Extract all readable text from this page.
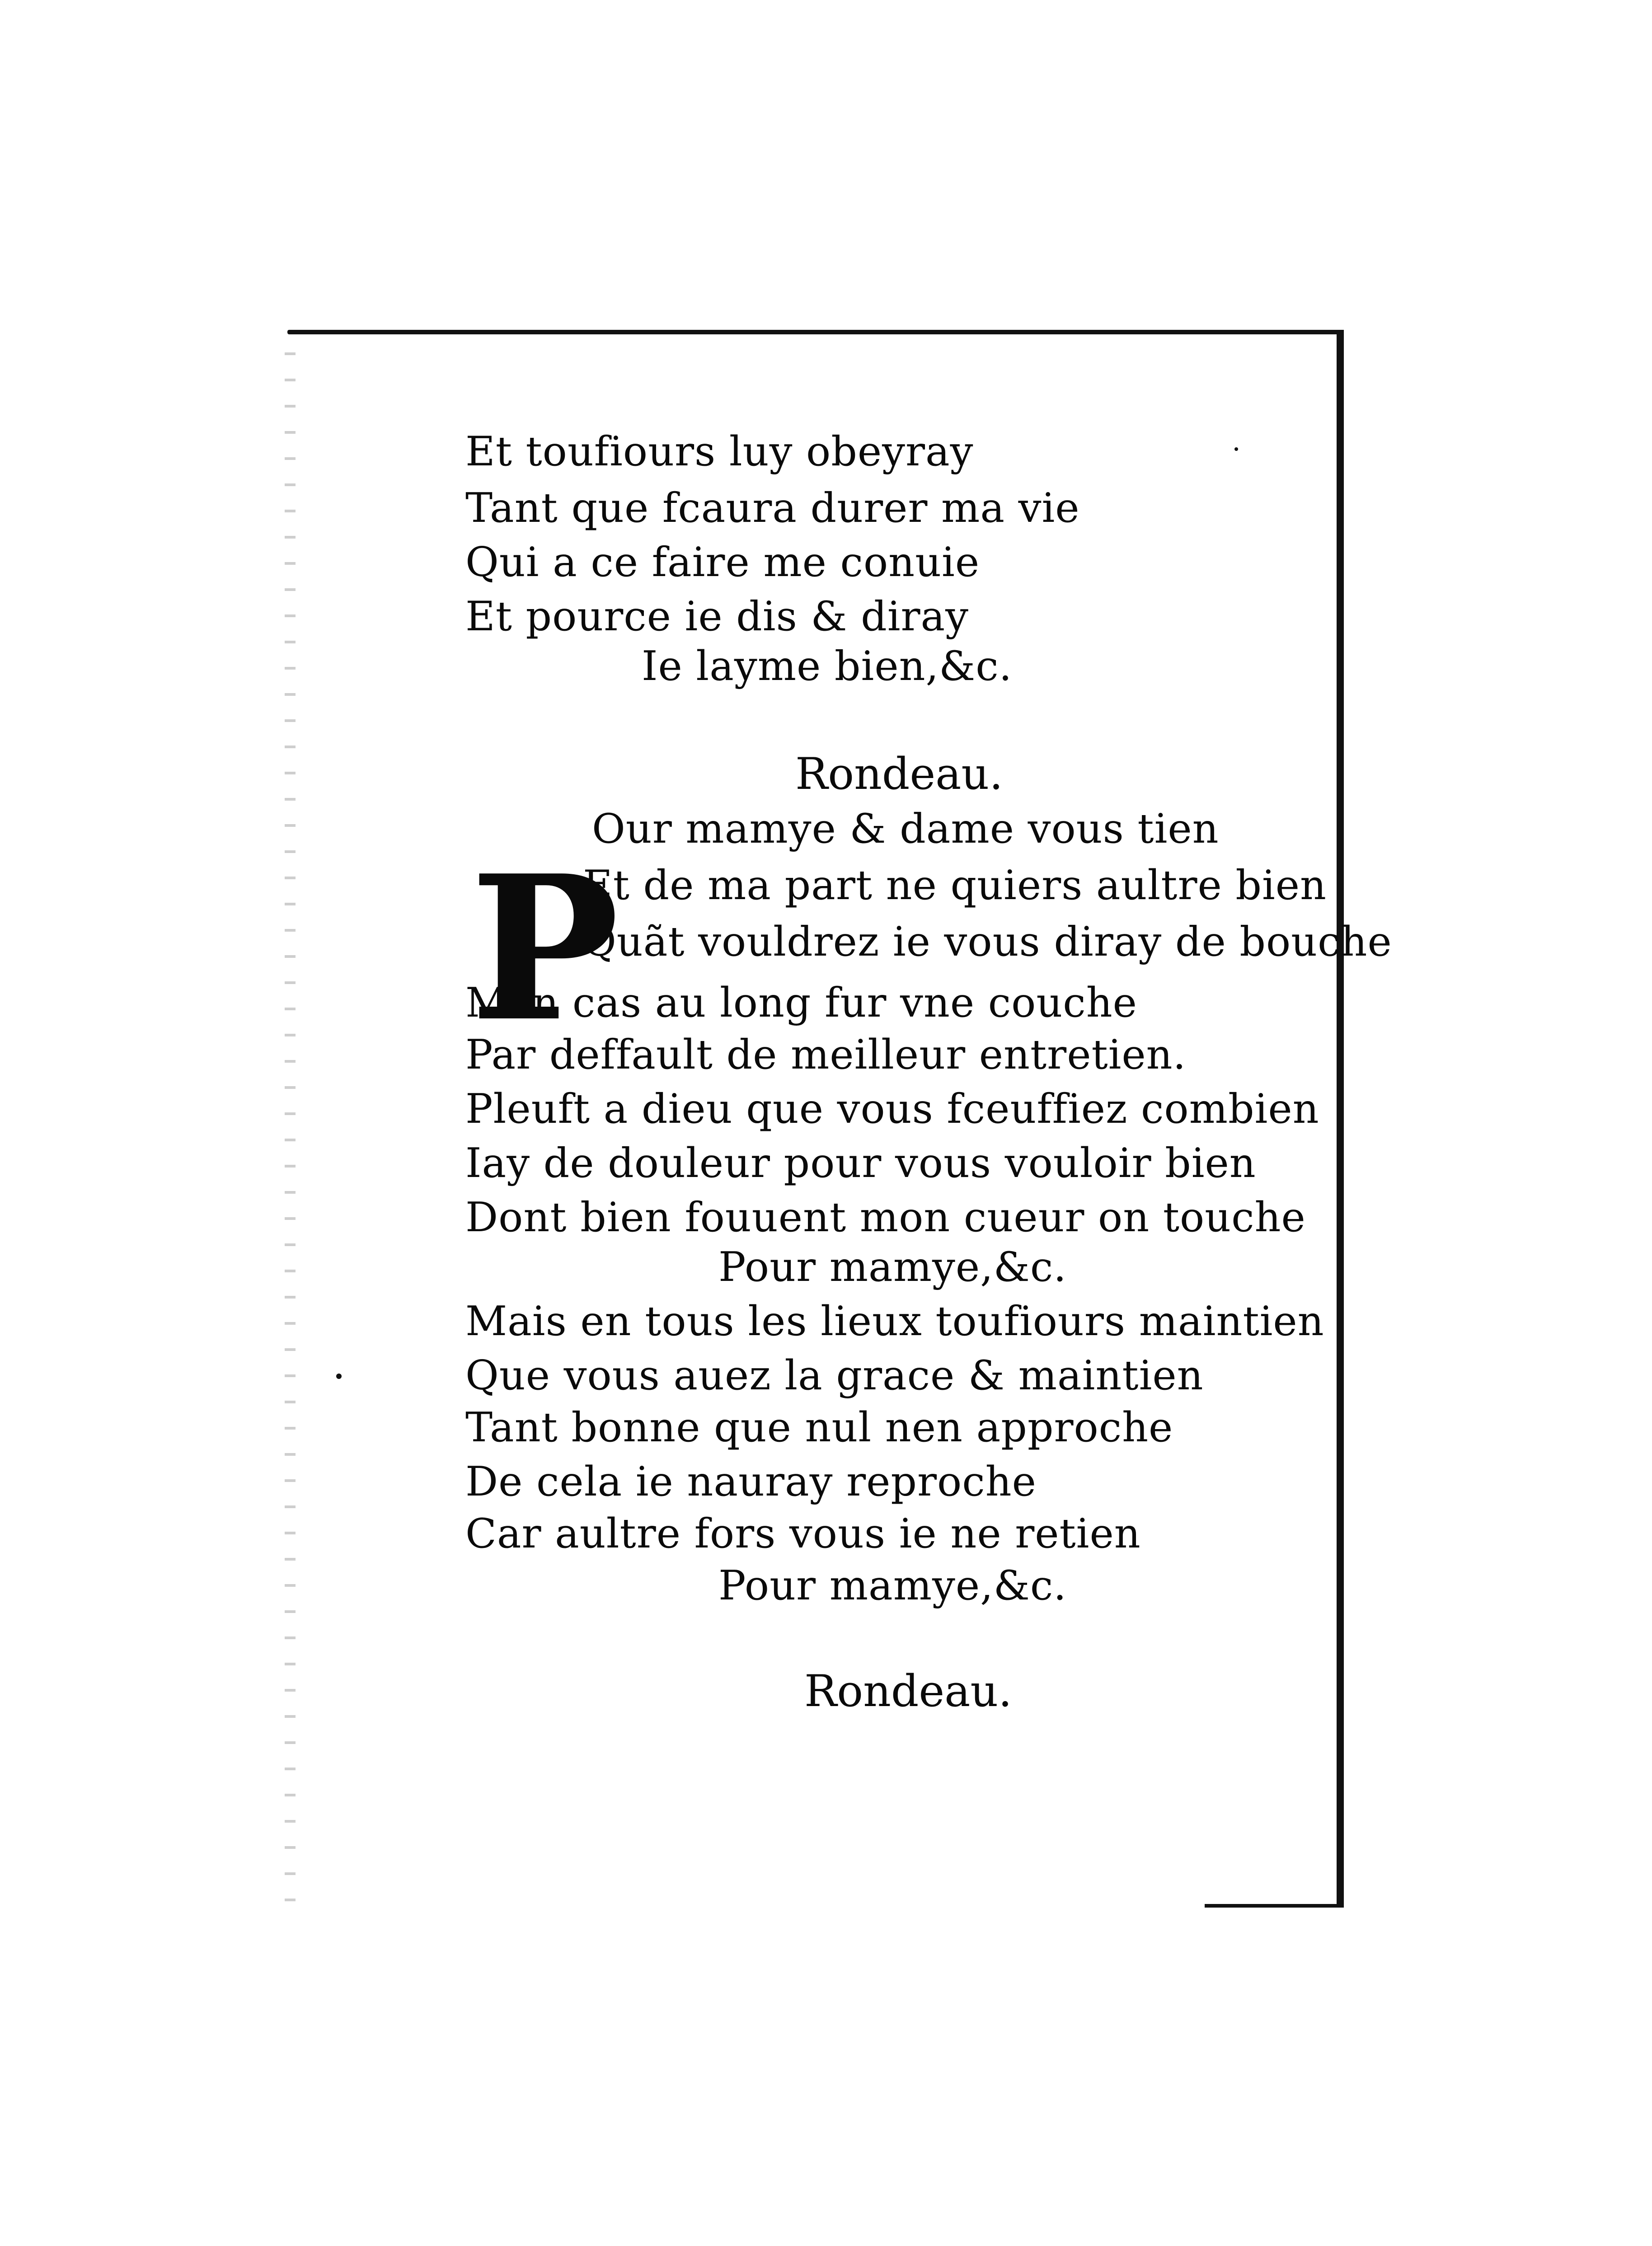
Et toufiours luy obeyray
Tant que fcaura durer ma vie
Qui a ce faire me conuie
Et pource ie dis & diray
Ie layme bien,&c.
Rondeau.
P
Our mamye & dame vous tien
Et de ma part ne quiers aultre bien
Quãt vouldrez ie vous diray de bouche
Mon cas au long fur vne couche
Par deffault de meilleur entretien.
Pleuft a dieu que vous fceuffiez combien
Iay de douleur pour vous vouloir bien
Dont bien fouuent mon cueur on touche
Pour mamye,&c.
Mais en tous les lieux toufiours maintien
Que vous auez la grace & maintien
Tant bonne que nul nen approche
De cela ie nauray reproche
Car aultre fors vous ie ne retien
Pour mamye,&c.
Rondeau.
